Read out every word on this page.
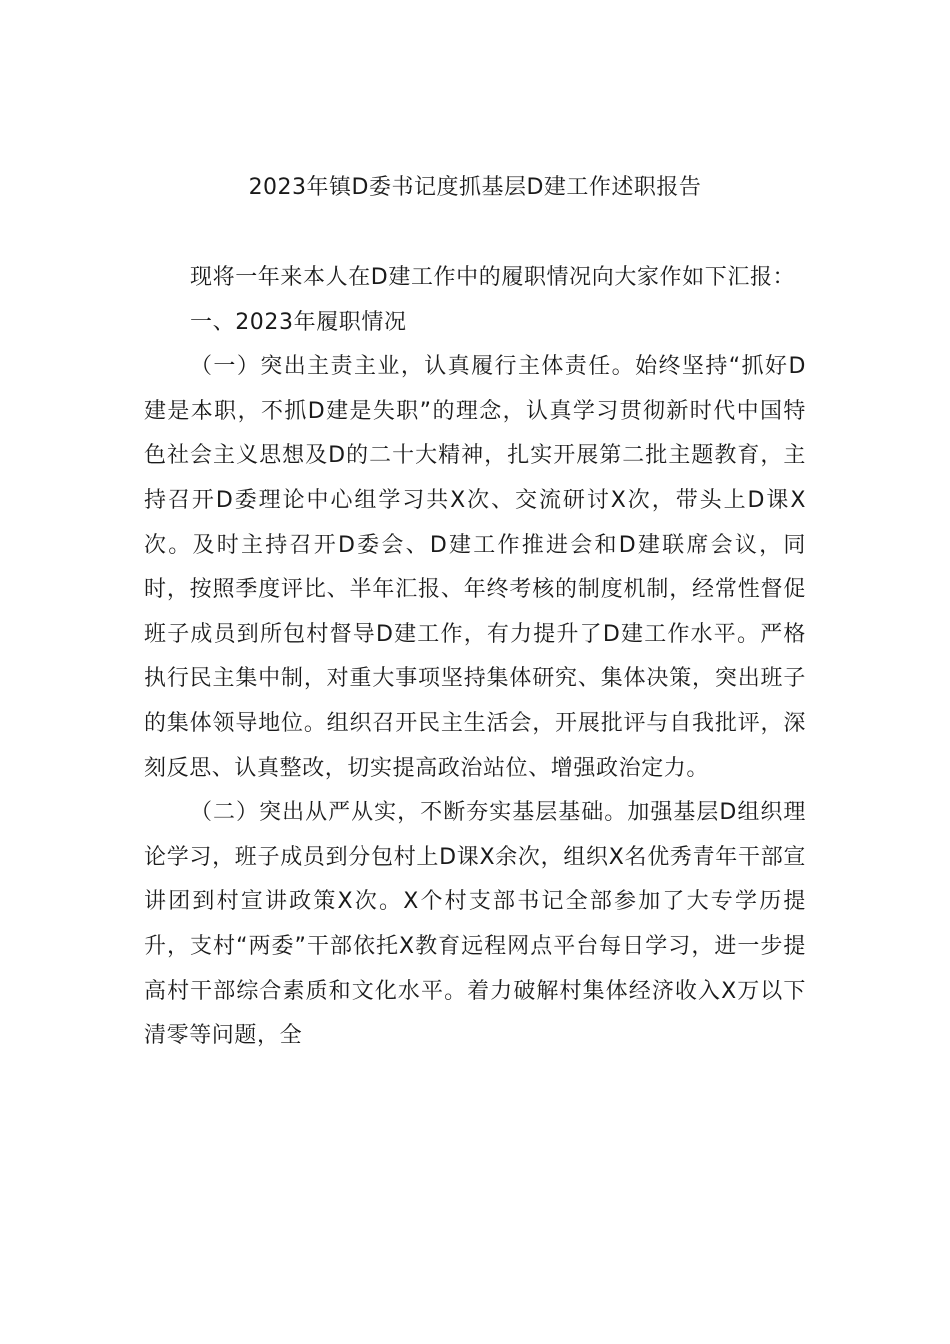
2023年镇D委书记度抓基层D建工作述职报告

现将一年来本人在D建工作中的履职情况向大家作如下汇报：

一、2023年履职情况

（一）突出主责主业，认真履行主体责任。始终坚持“抓好D建是本职，不抓D建是失职”的理念，认真学习贯彻新时代中国特色社会主义思想及D的二十大精神，扎实开展第二批主题教育，主持召开D委理论中心组学习共X次、交流研讨X次，带头上D课X次。及时主持召开D委会、D建工作推进会和D建联席会议，同时，按照季度评比、半年汇报、年终考核的制度机制，经常性督促班子成员到所包村督导D建工作，有力提升了D建工作水平。严格执行民主集中制，对重大事项坚持集体研究、集体决策，突出班子的集体领导地位。组织召开民主生活会，开展批评与自我批评，深刻反思、认真整改，切实提高政治站位、增强政治定力。

（二）突出从严从实，不断夯实基层基础。加强基层D组织理论学习，班子成员到分包村上D课X余次，组织X名优秀青年干部宣讲团到村宣讲政策X次。X个村支部书记全部参加了大专学历提升，支村“两委”干部依托X教育远程网点平台每日学习，进一步提高村干部综合素质和文化水平。着力破解村集体经济收入X万以下清零等问题，全
